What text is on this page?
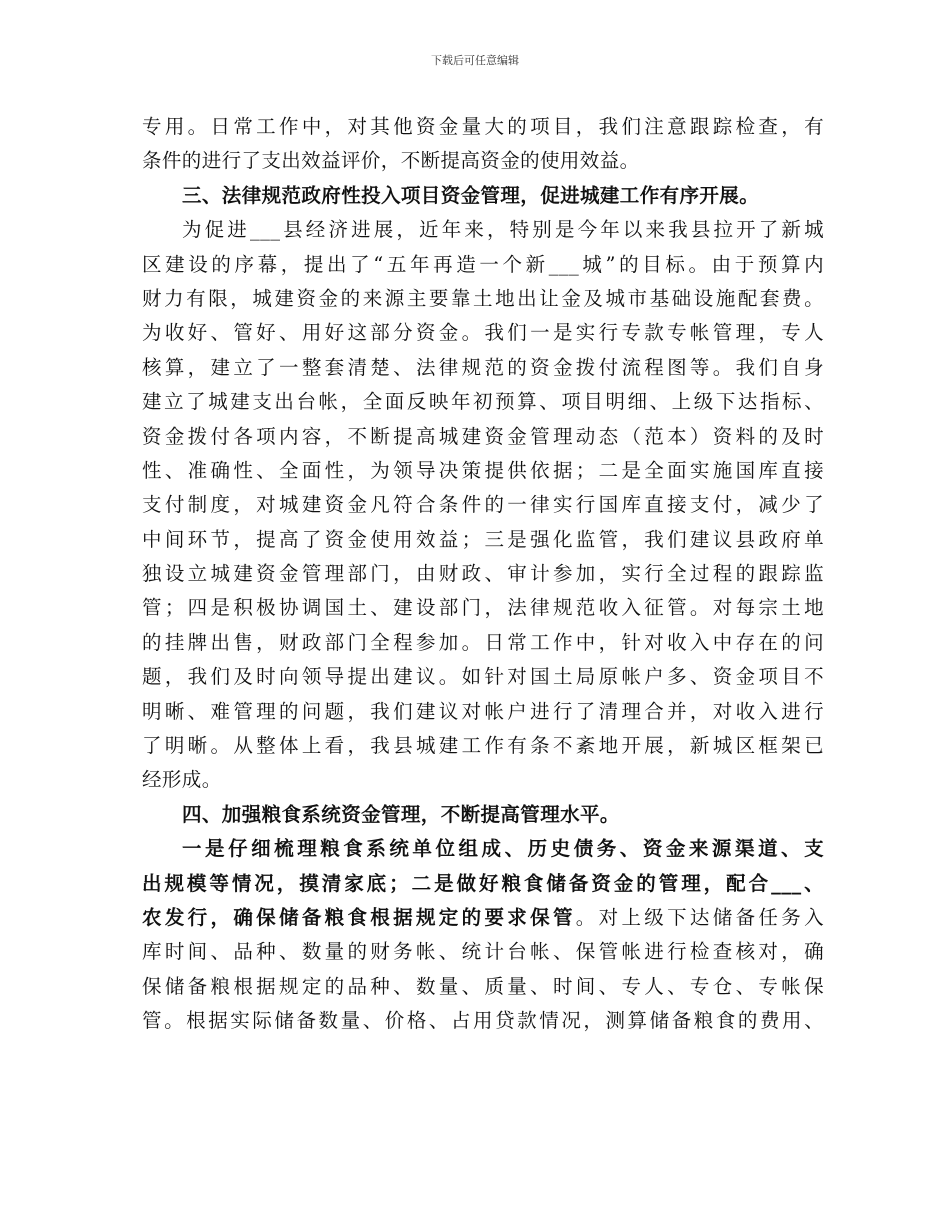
下载后可任意编辑
专用。日常工作中，对其他资金量大的项目，我们注意跟踪检查，有
条件的进行了支出效益评价，不断提高资金的使用效益。
三、法律规范政府性投入项目资金管理，促进城建工作有序开展。
为促进___县经济进展，近年来，特别是今年以来我县拉开了新城
区建设的序幕，提出了“五年再造一个新___城”的目标。由于预算内
财力有限，城建资金的来源主要靠土地出让金及城市基础设施配套费。
为收好、管好、用好这部分资金。我们一是实行专款专帐管理，专人
核算，建立了一整套清楚、法律规范的资金拨付流程图等。我们自身
建立了城建支出台帐，全面反映年初预算、项目明细、上级下达指标、
资金拨付各项内容，不断提高城建资金管理动态（范本）资料的及时
性、准确性、全面性，为领导决策提供依据；二是全面实施国库直接
支付制度，对城建资金凡符合条件的一律实行国库直接支付，减少了
中间环节，提高了资金使用效益；三是强化监管，我们建议县政府单
独设立城建资金管理部门，由财政、审计参加，实行全过程的跟踪监
管；四是积极协调国土、建设部门，法律规范收入征管。对每宗土地
的挂牌出售，财政部门全程参加。日常工作中，针对收入中存在的问
题，我们及时向领导提出建议。如针对国土局原帐户多、资金项目不
明晰、难管理的问题，我们建议对帐户进行了清理合并，对收入进行
了明晰。从整体上看，我县城建工作有条不紊地开展，新城区框架已
经形成。
四、加强粮食系统资金管理，不断提高管理水平。
一是仔细梳理粮食系统单位组成、历史债务、资金来源渠道、支
出规模等情况，摸清家底；二是做好粮食储备资金的管理，配合___、
农发行，确保储备粮食根据规定的要求保管。对上级下达储备任务入
库时间、品种、数量的财务帐、统计台帐、保管帐进行检查核对，确
保储备粮根据规定的品种、数量、质量、时间、专人、专仓、专帐保
管。根据实际储备数量、价格、占用贷款情况，测算储备粮食的费用、
